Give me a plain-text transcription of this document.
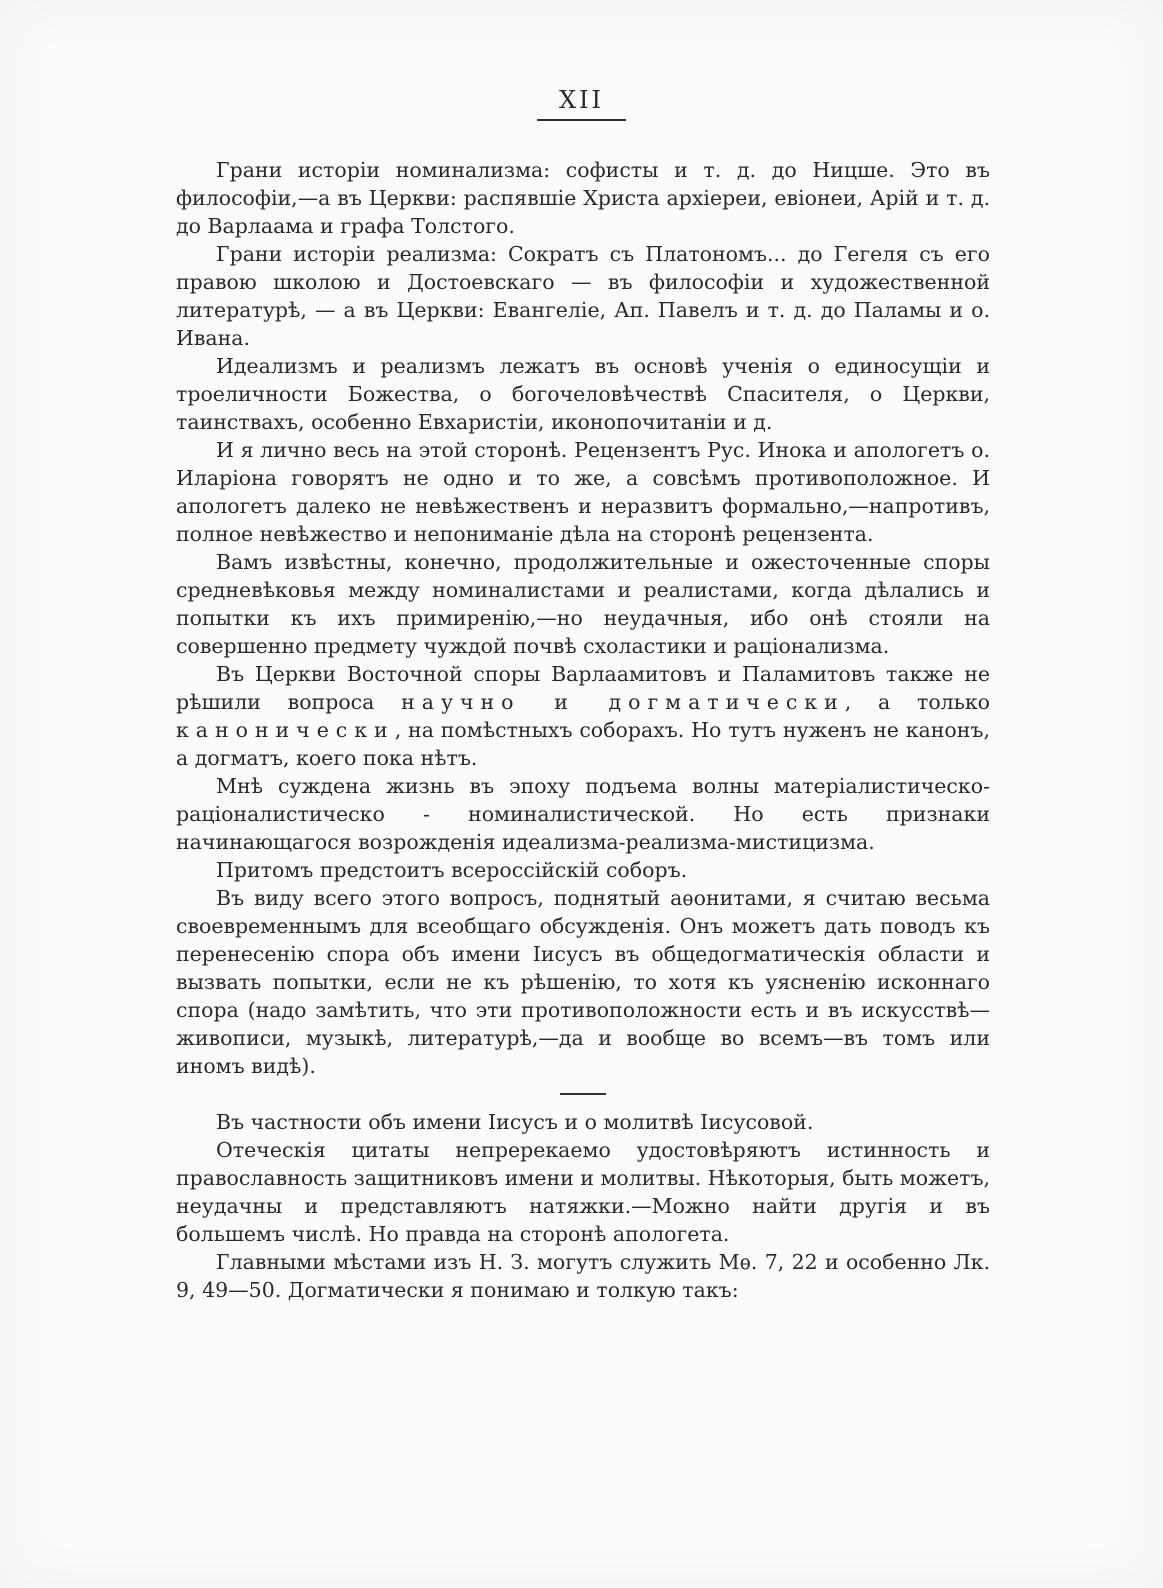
XII

Грани исторіи номинализма: софисты и т. д. до Ницше. Это въ философіи,—а въ Церкви: распявшіе Христа архіереи, евіонеи, Арій и т. д. до Варлаама и графа Толстого.

Грани исторіи реализма: Сократъ съ Платономъ... до Гегеля съ его правою школою и Достоевскаго — въ философіи и художественной литературѣ, — а въ Церкви: Евангеліе, Ап. Павелъ и т. д. до Паламы и о. Ивана.

Идеализмъ и реализмъ лежатъ въ основѣ ученія о единосущіи и троеличности Божества, о богочеловѣчествѣ Спасителя, о Церкви, таинствахъ, особенно Евхаристіи, иконопочитаніи и д.

И я лично весь на этой сторонѣ. Рецензентъ Рус. Инока и апологетъ о. Иларіона говорятъ не одно и то же, а совсѣмъ противоположное. И апологетъ далеко не невѣжественъ и неразвитъ формально,—напротивъ, полное невѣжество и непониманіе дѣла на сторонѣ рецензента.

Вамъ извѣстны, конечно, продолжительные и ожесточенные споры средневѣковья между номиналистами и реалистами, когда дѣлались и попытки къ ихъ примиренію,—но неудачныя, ибо онѣ стояли на совершенно предмету чуждой почвѣ схоластики и раціонализма.

Въ Церкви Восточной споры Варлаамитовъ и Паламитовъ также не рѣшили вопроса научно и догматически, а только канонически, на помѣстныхъ соборахъ. Но тутъ нуженъ не канонъ, а догматъ, коего пока нѣтъ.

Мнѣ суждена жизнь въ эпоху подъема волны матеріалистическо-раціоналистическо - номиналистической. Но есть признаки начинающагося возрожденія идеализма-реализма-мистицизма.

Притомъ предстоитъ всероссійскій соборъ.

Въ виду всего этого вопросъ, поднятый аѳонитами, я считаю весьма своевременнымъ для всеобщаго обсужденія. Онъ можетъ дать поводъ къ перенесенію спора объ имени Іисусъ въ общедогматическія области и вызвать попытки, если не къ рѣшенію, то хотя къ уясненію исконнаго спора (надо замѣтить, что эти противоположности есть и въ искусствѣ—живописи, музыкѣ, литературѣ,—да и вообще во всемъ—въ томъ или иномъ видѣ).

Въ частности объ имени Іисусъ и о молитвѣ Іисусовой.

Отеческія цитаты непререкаемо удостовѣряютъ истинность и православность защитниковъ имени и молитвы. Нѣкоторыя, быть можетъ, неудачны и представляютъ натяжки.—Можно найти другія и въ большемъ числѣ. Но правда на сторонѣ апологета.

Главными мѣстами изъ Н. З. могутъ служить Мѳ. 7, 22 и особенно Лк. 9, 49—50. Догматически я понимаю и толкую такъ:
